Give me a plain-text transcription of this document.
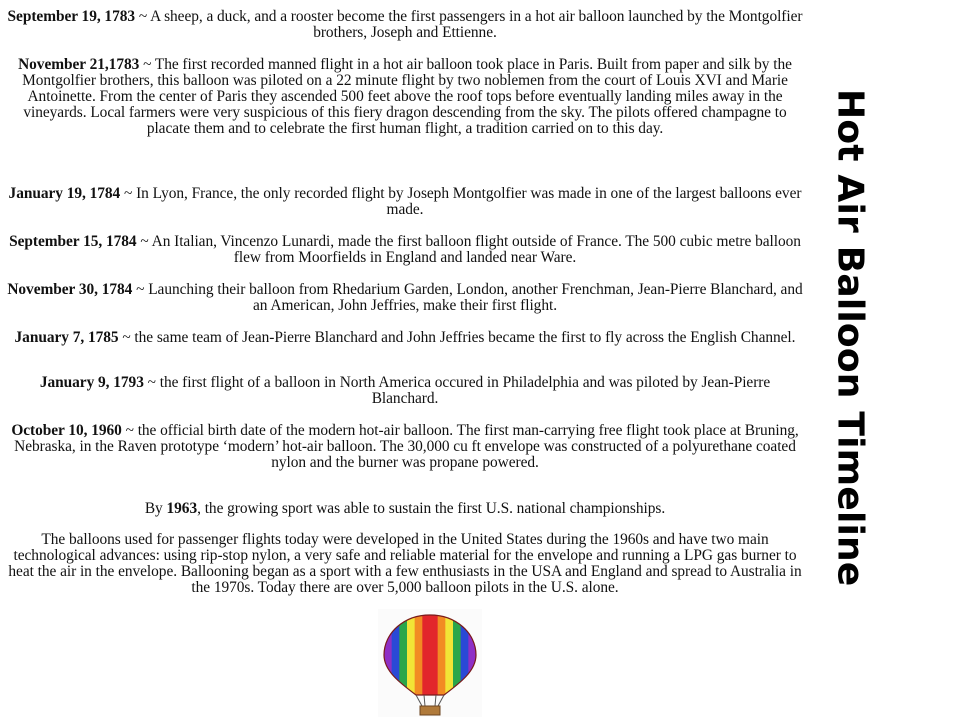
September 19, 1783 ~ A sheep, a duck, and a rooster become the first passengers in a hot air balloon launched by the Montgolfier brothers, Joseph and Ettienne.

November 21,1783 ~ The first recorded manned flight in a hot air balloon took place in Paris. Built from paper and silk by the Montgolfier brothers, this balloon was piloted on a 22 minute flight by two noblemen from the court of Louis XVI and Marie Antoinette. From the center of Paris they ascended 500 feet above the roof tops before eventually landing miles away in the vineyards. Local farmers were very suspicious of this fiery dragon descending from the sky. The pilots offered champagne to placate them and to celebrate the first human flight, a tradition carried on to this day.

January 19, 1784 ~ In Lyon, France, the only recorded flight by Joseph Montgolfier was made in one of the largest balloons ever made.

September 15, 1784 ~ An Italian, Vincenzo Lunardi, made the first balloon flight outside of France. The 500 cubic metre balloon flew from Moorfields in England and landed near Ware.

November 30, 1784 ~ Launching their balloon from Rhedarium Garden, London, another Frenchman, Jean-Pierre Blanchard, and an American, John Jeffries, make their first flight.

January 7, 1785 ~ the same team of Jean-Pierre Blanchard and John Jeffries became the first to fly across the English Channel.

January 9, 1793 ~ the first flight of a balloon in North America occured in Philadelphia and was piloted by Jean-Pierre Blanchard.

October 10, 1960 ~ the official birth date of the modern hot-air balloon. The first man-carrying free flight took place at Bruning, Nebraska, in the Raven prototype ‘modern’ hot-air balloon. The 30,000 cu ft envelope was constructed of a polyurethane coated nylon and the burner was propane powered.

By 1963, the growing sport was able to sustain the first U.S. national championships.

The balloons used for passenger flights today were developed in the United States during the 1960s and have two main technological advances: using rip-stop nylon, a very safe and reliable material for the envelope and running a LPG gas burner to heat the air in the envelope. Ballooning began as a sport with a few enthusiasts in the USA and England and spread to Australia in the 1970s. Today there are over 5,000 balloon pilots in the U.S. alone.

Hot Air Balloon Timeline
